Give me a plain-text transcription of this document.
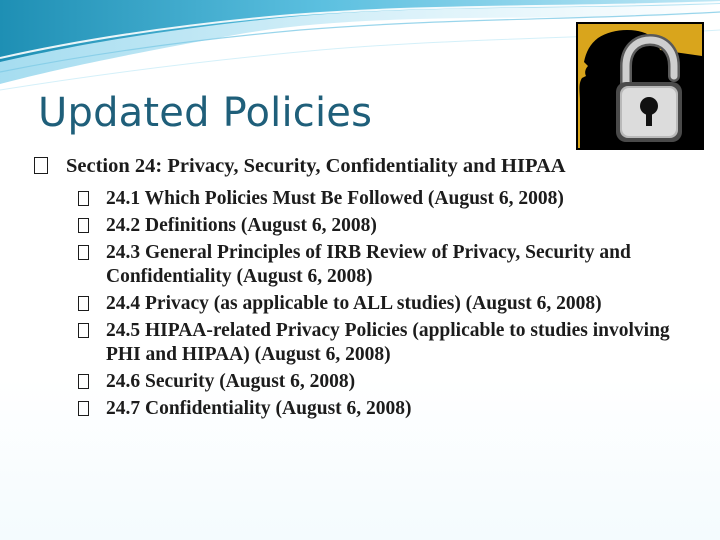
Updated Policies
Section 24: Privacy, Security, Confidentiality and HIPAA
24.1 Which Policies Must Be Followed (August 6, 2008)
24.2 Definitions (August 6, 2008)
24.3 General Principles of IRB Review of Privacy, Security and Confidentiality (August 6, 2008)
24.4 Privacy (as applicable to ALL studies) (August 6, 2008)
24.5 HIPAA-related Privacy Policies (applicable to studies involving PHI and HIPAA) (August 6, 2008)
24.6 Security (August 6, 2008)
24.7 Confidentiality (August 6, 2008)
